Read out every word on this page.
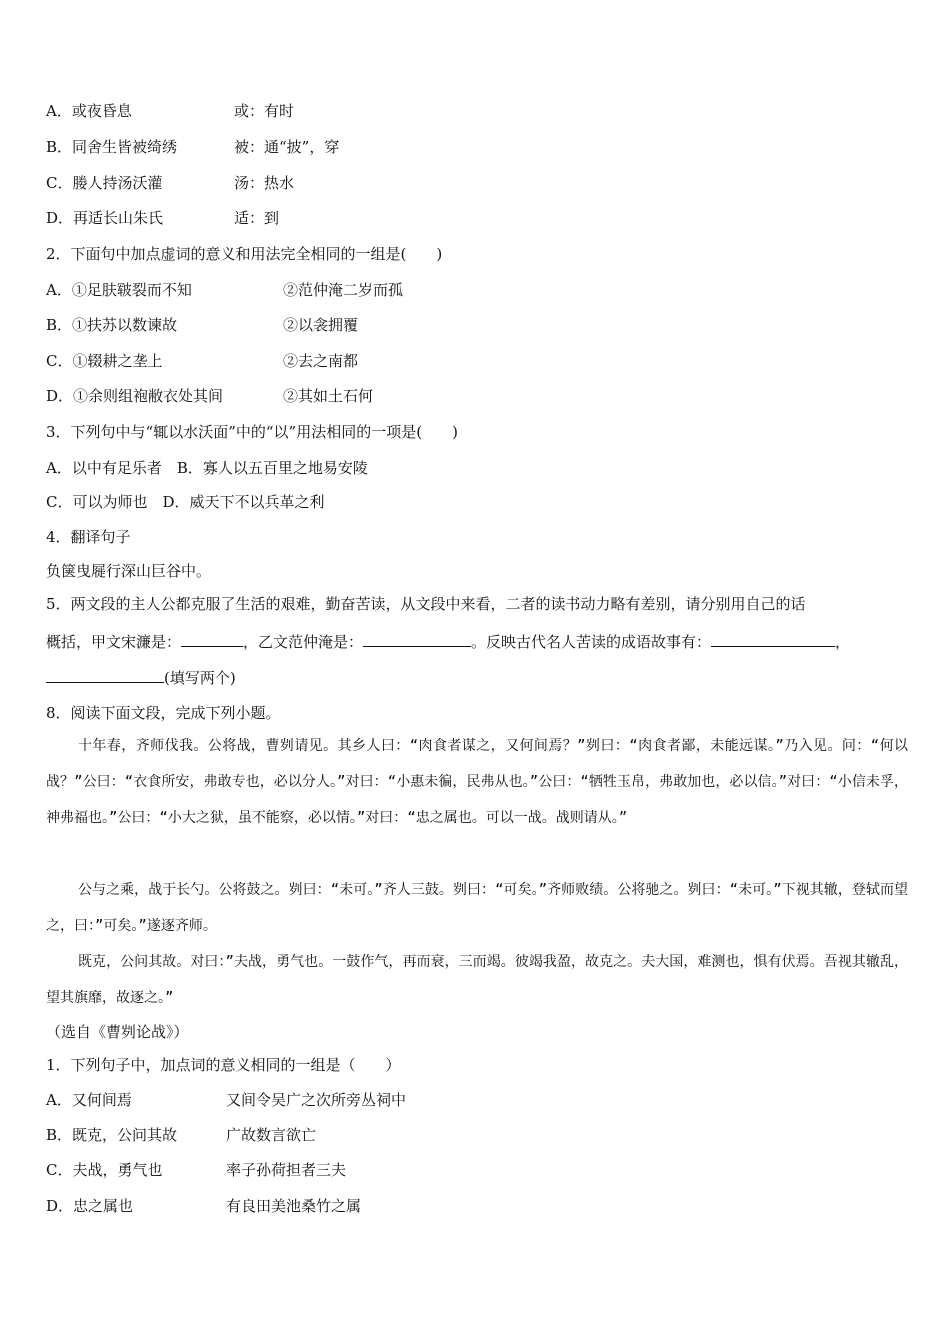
A．或夜昏息	或：有时
B．同舍生皆被绮绣	被：通“披”，穿
C．媵人持汤沃灌	汤：热水
D．再适长山朱氏	适：到
2．下面句中加点虚词的意义和用法完全相同的一组是(　　)
A．①足肤皲裂而不知	②范仲淹二岁而孤
B．①扶苏以数谏故	②以衾拥覆
C．①辍耕之垄上	②去之南都
D．①余则组袍敝衣处其间	②其如土石何
3．下列句中与“辄以水沃面”中的“以”用法相同的一项是(　　)
A．以中有足乐者　B．寡人以五百里之地易安陵
C．可以为师也　D．威天下不以兵革之利
4．翻译句子
负箧曳屣行深山巨谷中。
5．两文段的主人公都克服了生活的艰难，勤奋苦读，从文段中来看，二者的读书动力略有差别，请分别用自己的话
概括，甲文宋濂是：	，乙文范仲淹是：	。反映古代名人苦读的成语故事有：	，
(填写两个)
8．阅读下面文段，完成下列小题。
十年春，齐师伐我。公将战，曹刿请见。其乡人曰：“肉食者谋之，又何间焉？”刿曰：“肉食者鄙，未能远谋。”乃入见。问：“何以战？”公曰：“衣食所安，弗敢专也，必以分人。”对曰：“小惠未徧，民弗从也。”公曰：“牺牲玉帛，弗敢加也，必以信。”对曰：“小信未孚，神弗福也。”公曰：“小大之狱，虽不能察，必以情。”对曰：“忠之属也。可以一战。战则请从。”
公与之乘，战于长勺。公将鼓之。刿曰：“未可。”齐人三鼓。刿曰：“可矣。”齐师败绩。公将驰之。刿曰：“未可。”下视其辙，登轼而望之，曰：”可矣。”遂逐齐师。
既克，公问其故。对曰：”夫战，勇气也。一鼓作气，再而衰，三而竭。彼竭我盈，故克之。夫大国，难测也，惧有伏焉。吾视其辙乱，望其旗靡，故逐之。”
（选自《曹刿论战》）
1．下列句子中，加点词的意义相同的一组是（　　）
A．又何间焉	又间令吴广之次所旁丛祠中
B．既克，公问其故	广故数言欲亡
C．夫战，勇气也	率子孙荷担者三夫
D．忠之属也	有良田美池桑竹之属
